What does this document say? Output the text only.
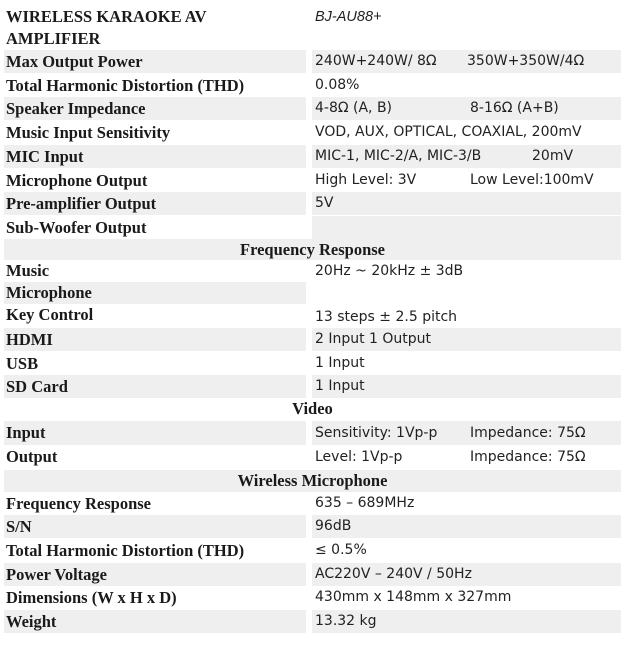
WIRELESS KARAOKE AV
AMPLIFIER
BJ-AU88+
Max Output Power	240W+240W/ 8Ω 350W+350W/4Ω
Total Harmonic Distortion (THD)	0.08%
Speaker Impedance	4-8Ω (A, B)	8-16Ω (A+B)
Music Input Sensitivity	VOD, AUX, OPTICAL, COAXIAL, 200mV
MIC Input	MIC-1, MIC-2/A, MIC-3/B	20mV
Microphone Output	High Level: 3V	Low Level:100mV
Pre-amplifier Output	5V
Sub-Woofer Output
Frequency Response
Music	20Hz ~ 20kHz ± 3dB
Microphone
Key Control	13 steps ± 2.5 pitch
HDMI	2 Input 1 Output
USB	1 Input
SD Card	1 Input
Video
Input	Sensitivity: 1Vp-p Impedance: 75Ω
Output	Level: 1Vp-p	Impedance: 75Ω
Wireless Microphone
Frequency Response	635 – 689MHz
S/N	96dB
Total Harmonic Distortion (THD)	≤ 0.5%
Power Voltage	AC220V – 240V / 50Hz
Dimensions (W x H x D)	430mm x 148mm x 327mm
Weight	13.32 kg
